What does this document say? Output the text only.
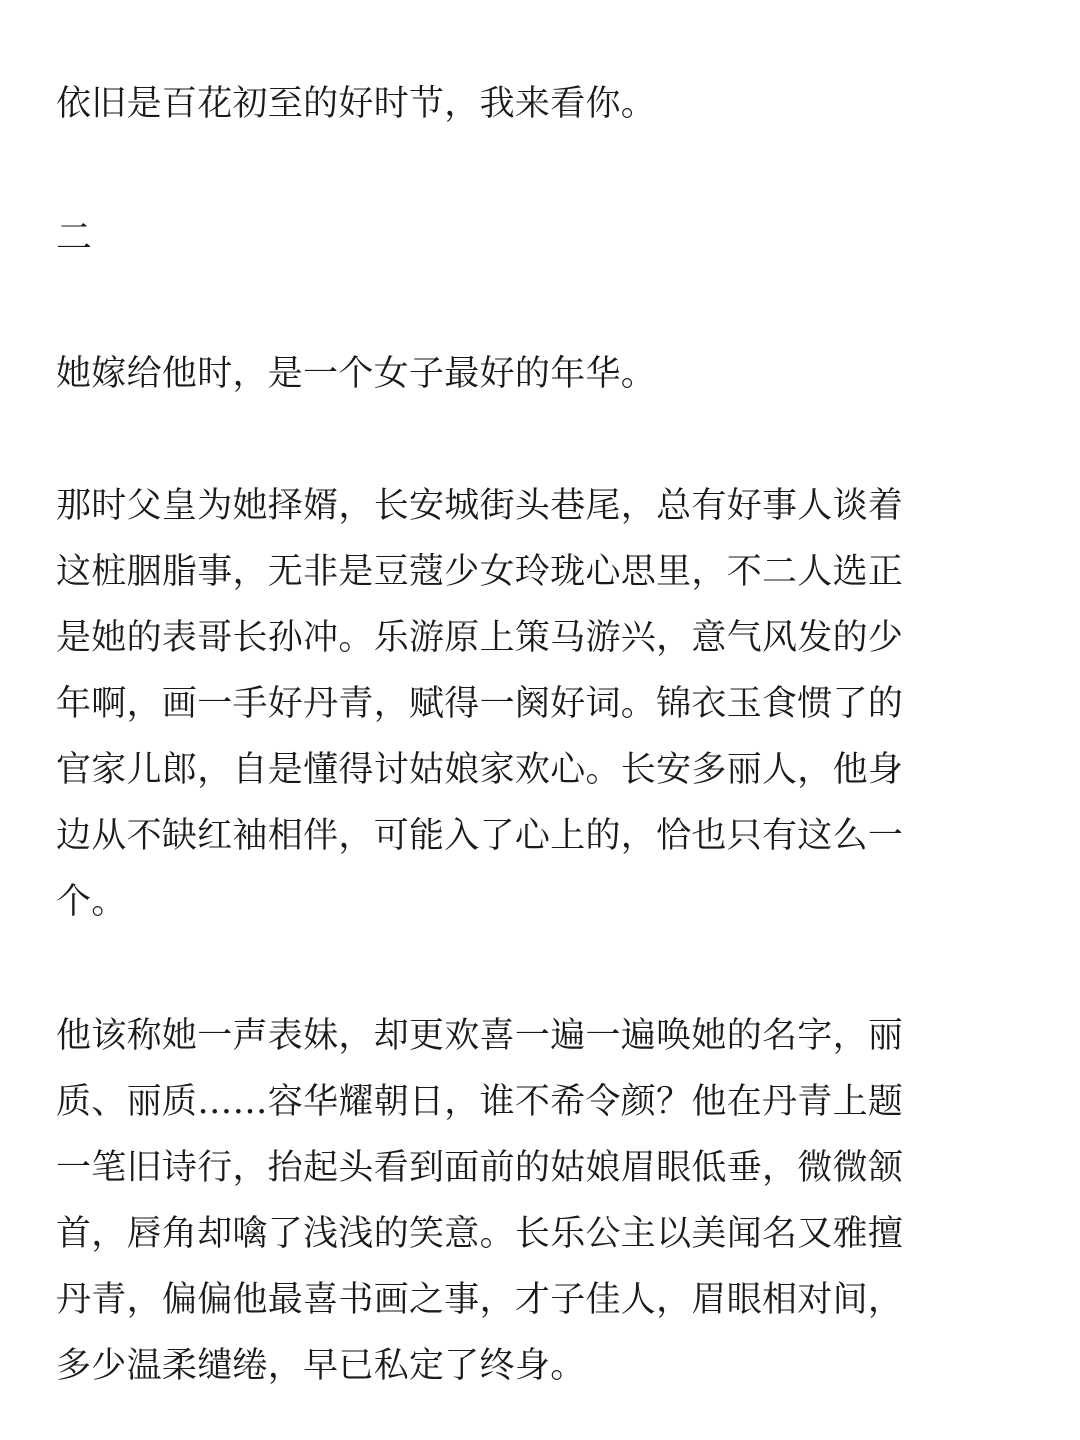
依旧是百花初至的好时节，我来看你。
二
她嫁给他时，是一个女子最好的年华。
那时父皇为她择婿，长安城街头巷尾，总有好事人谈着
这桩胭脂事，无非是豆蔻少女玲珑心思里，不二人选正
是她的表哥长孙冲。乐游原上策马游兴，意气风发的少
年啊，画一手好丹青，赋得一阕好词。锦衣玉食惯了的
官家儿郎，自是懂得讨姑娘家欢心。长安多丽人，他身
边从不缺红袖相伴，可能入了心上的，恰也只有这么一
个。
他该称她一声表妹，却更欢喜一遍一遍唤她的名字，丽
质、丽质……容华耀朝日，谁不希令颜？他在丹青上题
一笔旧诗行，抬起头看到面前的姑娘眉眼低垂，微微颔
首，唇角却噙了浅浅的笑意。长乐公主以美闻名又雅擅
丹青，偏偏他最喜书画之事，才子佳人，眉眼相对间，
多少温柔缱绻，早已私定了终身。
